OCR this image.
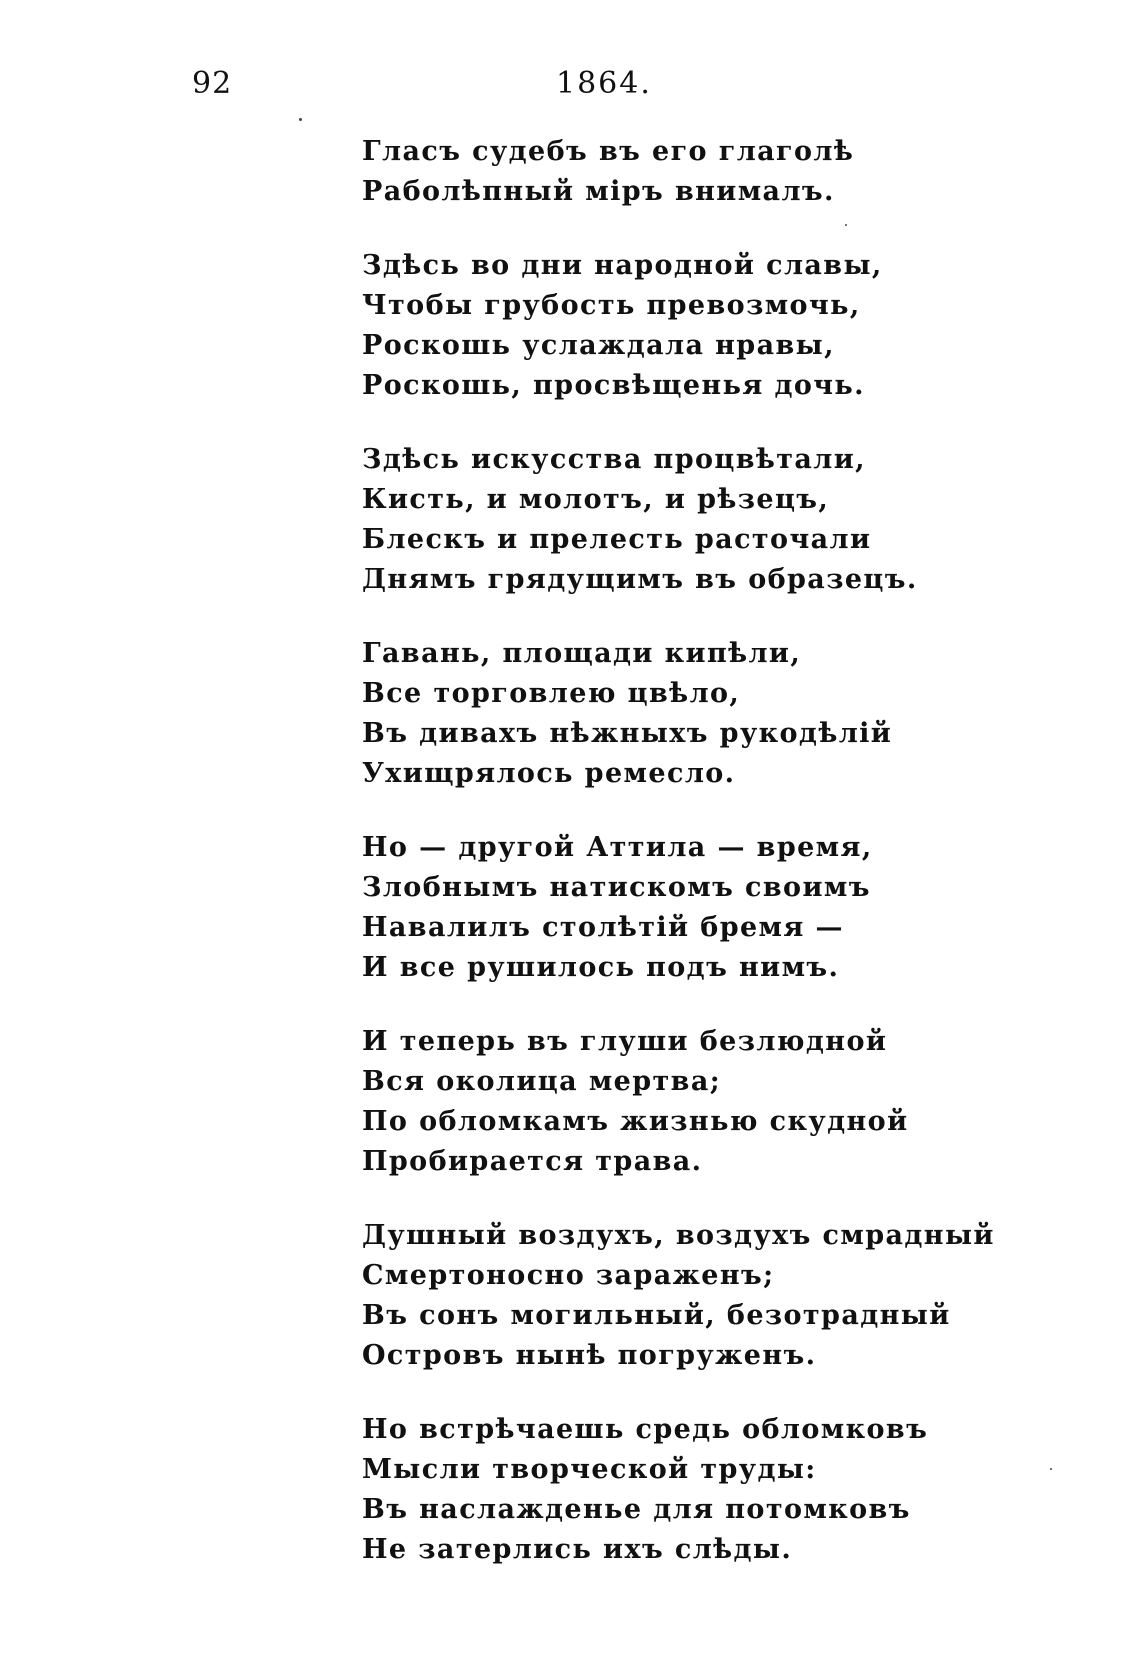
92	1864.
Гласъ судебъ въ его глаголѣ
Раболѣпный міръ внималъ.
Здѣсь во дни народной славы,
Чтобы грубость превозмочь,
Роскошь услаждала нравы,
Роскошь, просвѣщенья дочь.
Здѣсь искусства процвѣтали,
Кисть, и молотъ, и рѣзецъ,
Блескъ и прелесть расточали
Днямъ грядущимъ въ образецъ.
Гавань, площади кипѣли,
Все торговлею цвѣло,
Въ дивахъ нѣжныхъ рукодѣлій
Ухищрялось ремесло.
Но — другой Аттила — время,
Злобнымъ натискомъ своимъ
Навалилъ столѣтій бремя —
И все рушилось подъ нимъ.
И теперь въ глуши безлюдной
Вся околица мертва;
По обломкамъ жизнью скудной
Пробирается трава.
Душный воздухъ, воздухъ смрадный
Смертоносно зараженъ;
Въ сонъ могильный, безотрадный
Островъ нынѣ погруженъ.
Но встрѣчаешь средь обломковъ
Мысли творческой труды:
Въ наслажденье для потомковъ
Не затерлись ихъ слѣды.
